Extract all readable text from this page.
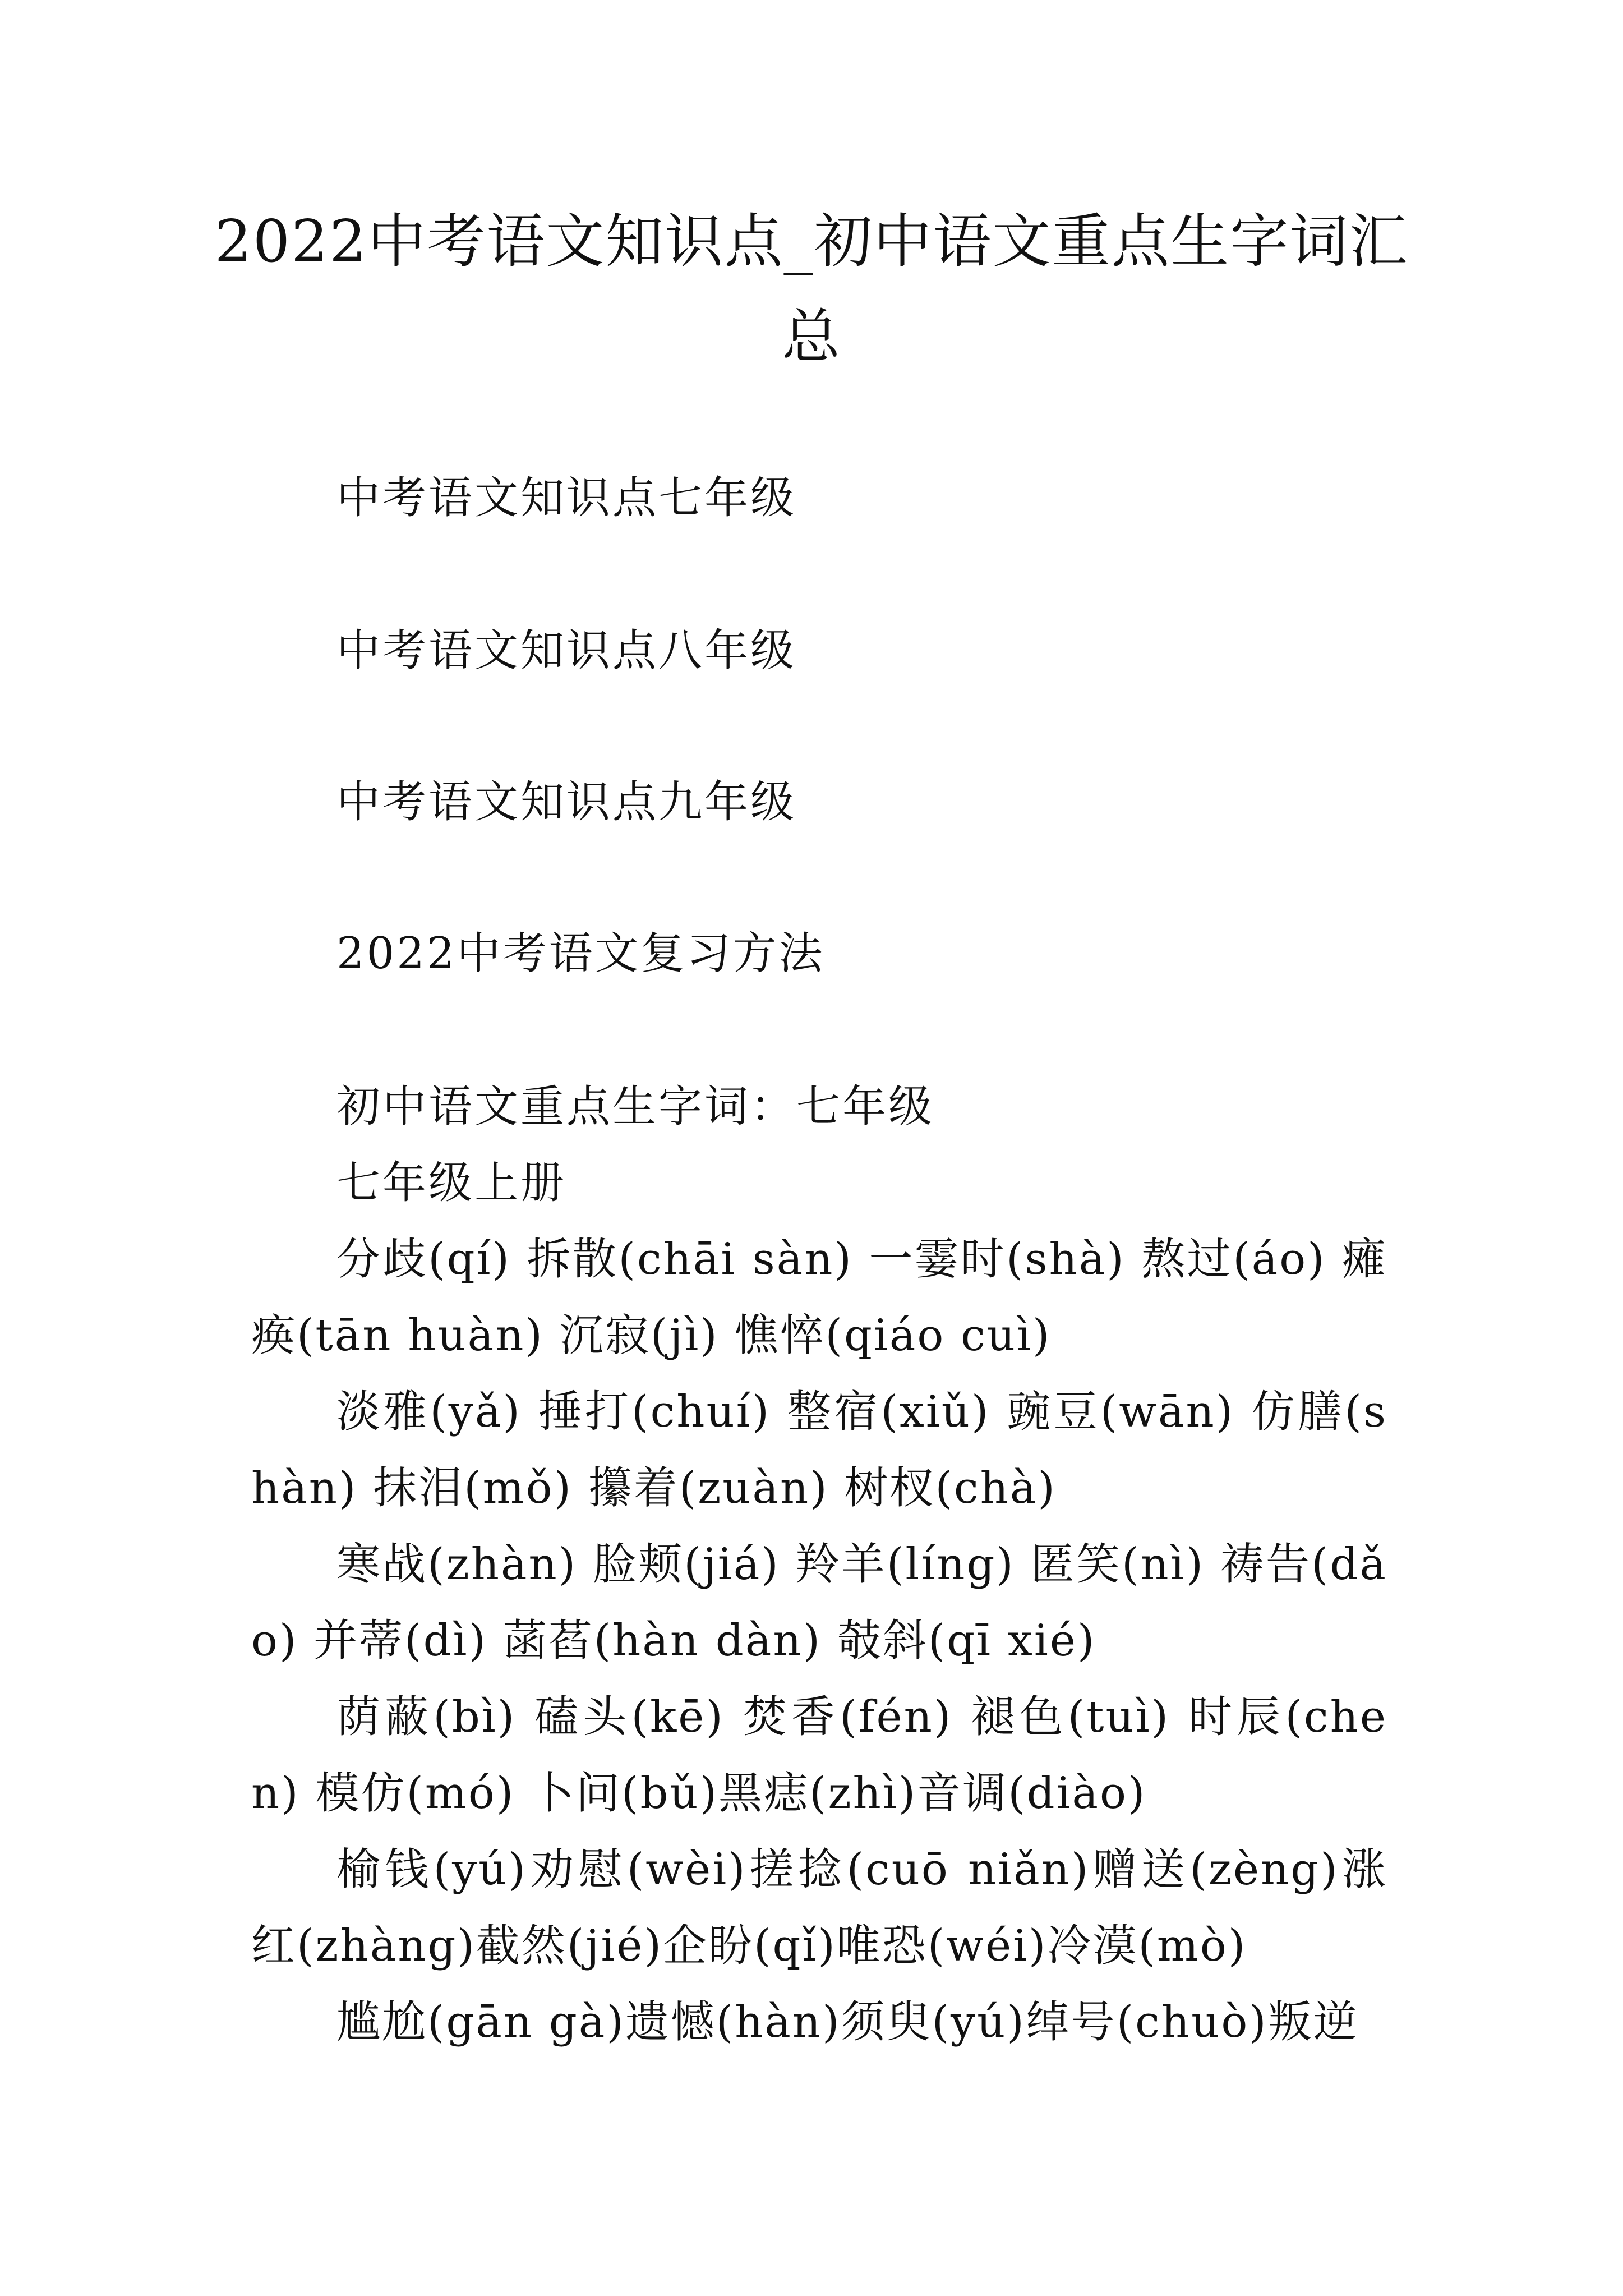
2022中考语文知识点_初中语文重点生字词汇总

中考语文知识点七年级

中考语文知识点八年级

中考语文知识点九年级

2022中考语文复习方法

初中语文重点生字词：七年级

七年级上册

分歧(qí) 拆散(chāi sàn) 一霎时(shà) 熬过(áo) 瘫痪(tān huàn) 沉寂(jì) 憔悴(qiáo cuì)

淡雅(yǎ) 捶打(chuí) 整宿(xiǔ) 豌豆(wān) 仿膳(shàn) 抹泪(mǒ) 攥着(zuàn) 树杈(chà)

寒战(zhàn) 脸颊(jiá) 羚羊(líng) 匿笑(nì) 祷告(dǎo) 并蒂(dì) 菡萏(hàn dàn) 攲斜(qī xié)

荫蔽(bì) 磕头(kē) 焚香(fén) 褪色(tuì) 时辰(chen) 模仿(mó) 卜问(bǔ)黑痣(zhì)音调(diào)

榆钱(yú)劝慰(wèi)搓捻(cuō niǎn)赠送(zèng)涨红(zhàng)截然(jié)企盼(qǐ)唯恐(wéi)冷漠(mò)

尴尬(gān gà)遗憾(hàn)须臾(yú)绰号(chuò)叛逆
